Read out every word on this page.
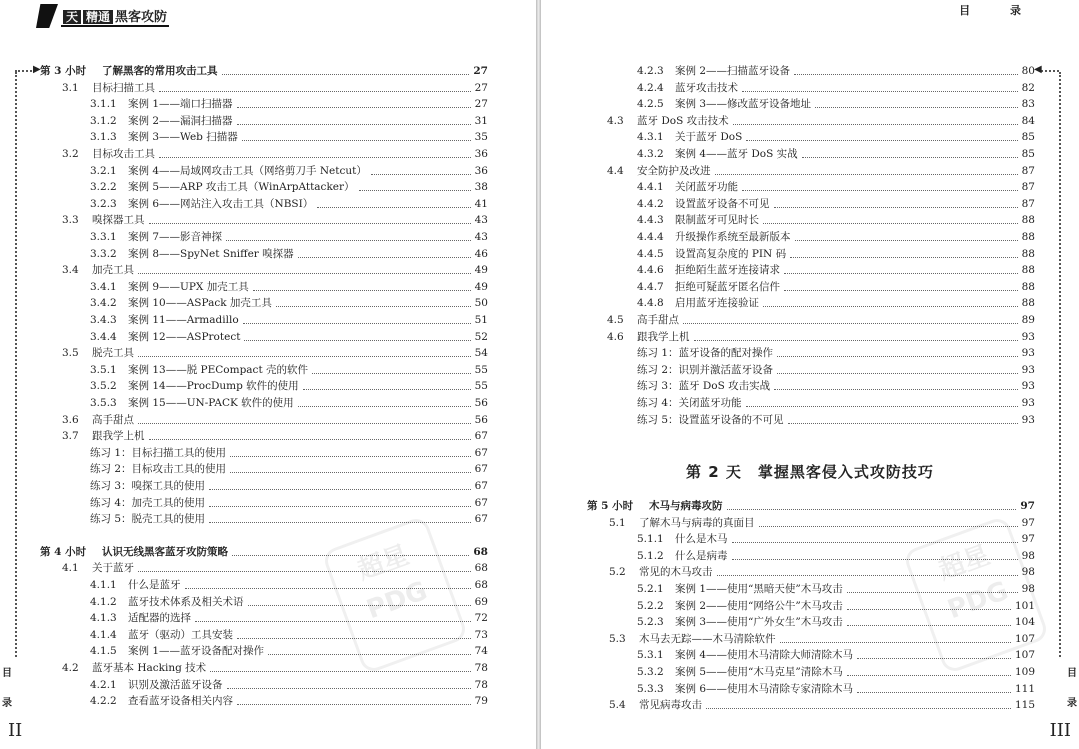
天 精通 黑客攻防
▶ 第 3 小时	了解黑客的常用攻击工具	27
3.1	目标扫描工具	27
3.1.1	案例 1——端口扫描器	27
3.1.2	案例 2——漏洞扫描器	31
3.1.3	案例 3——Web 扫描器	35
3.2	目标攻击工具	36
3.2.1	案例 4——局域网攻击工具（网络剪刀手 Netcut）	36
3.2.2	案例 5——ARP 攻击工具（WinArpAttacker）	38
3.2.3	案例 6——网站注入攻击工具（NBSI）	41
3.3	嗅探器工具	43
3.3.1	案例 7——影音神探	43
3.3.2	案例 8——SpyNet Sniffer 嗅探器	46
3.4	加壳工具	49
3.4.1	案例 9——UPX 加壳工具	49
3.4.2	案例 10——ASPack 加壳工具	50
3.4.3	案例 11——Armadillo	51
3.4.4	案例 12——ASProtect	52
3.5	脱壳工具	54
3.5.1	案例 13——脱 PECompact 壳的软件	55
3.5.2	案例 14——ProcDump 软件的使用	55
3.5.3	案例 15——UN-PACK 软件的使用	56
3.6	高手甜点	56
3.7	跟我学上机	67
练习 1：目标扫描工具的使用	67
练习 2：目标攻击工具的使用	67
练习 3：嗅探工具的使用	67
练习 4：加壳工具的使用	67
练习 5：脱壳工具的使用	67
第 4 小时	认识无线黑客蓝牙攻防策略	68
4.1	关于蓝牙	68
4.1.1	什么是蓝牙	68
4.1.2	蓝牙技术体系及相关术语	69
4.1.3	适配器的选择	72
4.1.4	蓝牙（驱动）工具安装	73
4.1.5	案例 1——蓝牙设备配对操作	74
4.2	蓝牙基本 Hacking 技术	78
4.2.1	识别及激活蓝牙设备	78
4.2.2	查看蓝牙设备相关内容	79
目
录
II
超星 PDG
目 录
◀
4.2.3	案例 2——扫描蓝牙设备	80
4.2.4	蓝牙攻击技术	82
4.2.5	案例 3——修改蓝牙设备地址	83
4.3	蓝牙 DoS 攻击技术	84
4.3.1	关于蓝牙 DoS	85
4.3.2	案例 4——蓝牙 DoS 实战	85
4.4	安全防护及改进	87
4.4.1	关闭蓝牙功能	87
4.4.2	设置蓝牙设备不可见	87
4.4.3	限制蓝牙可见时长	88
4.4.4	升级操作系统至最新版本	88
4.4.5	设置高复杂度的 PIN 码	88
4.4.6	拒绝陌生蓝牙连接请求	88
4.4.7	拒绝可疑蓝牙匿名信件	88
4.4.8	启用蓝牙连接验证	88
4.5	高手甜点	89
4.6	跟我学上机	93
练习 1：蓝牙设备的配对操作	93
练习 2：识别并激活蓝牙设备	93
练习 3：蓝牙 DoS 攻击实战	93
练习 4：关闭蓝牙功能	93
练习 5：设置蓝牙设备的不可见	93
第 2 天　掌握黑客侵入式攻防技巧
第 5 小时	木马与病毒攻防	97
5.1	了解木马与病毒的真面目	97
5.1.1	什么是木马	97
5.1.2	什么是病毒	98
5.2	常见的木马攻击	98
5.2.1	案例 1——使用“黑暗天使”木马攻击	98
5.2.2	案例 2——使用“网络公牛”木马攻击	101
5.2.3	案例 3——使用“广外女生”木马攻击	104
5.3	木马去无踪——木马清除软件	107
5.3.1	案例 4——使用木马清除大师清除木马	107
5.3.2	案例 5——使用“木马克星”清除木马	109
5.3.3	案例 6——使用木马清除专家清除木马	111
5.4	常见病毒攻击	115
目
录
III
超星 PDG
